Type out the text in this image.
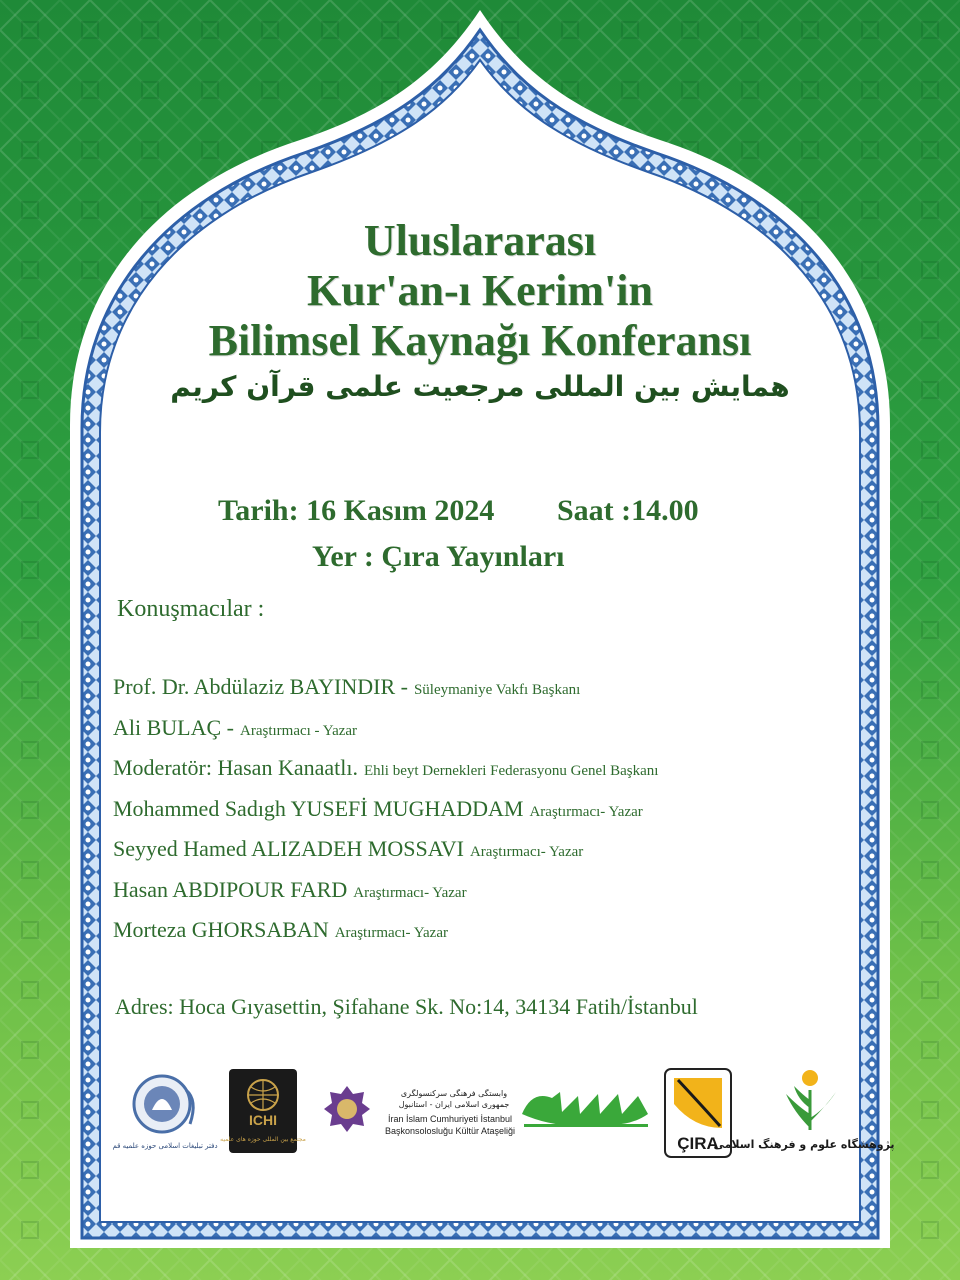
Uluslararası
Kur'an-ı Kerim'in
Bilimsel Kaynağı Konferansı
همایش بین المللی مرجعیت علمی قرآن کریم
Tarih: 16 Kasım 2024 Saat :14.00
Yer : Çıra Yayınları
Konuşmacılar :
Prof. Dr. Abdülaziz BAYINDIR - Süleymaniye Vakfı Başkanı
Ali BULAÇ - Araştırmacı - Yazar
Moderatör: Hasan Kanaatlı. Ehli beyt Dernekleri Federasyonu Genel Başkanı
Mohammed Sadıgh YUSEFİ MUGHADDAM Araştırmacı- Yazar
Seyyed Hamed ALIZADEH MOSSAVI Araştırmacı- Yazar
Hasan ABDIPOUR FARD Araştırmacı- Yazar
Morteza GHORSABAN Araştırmacı- Yazar
Adres: Hoca Gıyasettin, Şifahane Sk. No:14, 34134 Fatih/İstanbul
دفتر تبلیغات اسلامی حوزه علمیه قم
ICHI
مجتمع بین المللی حوزه های علمیه
وابستگی فرهنگی سرکنسولگری
جمهوری اسلامی ایران - استانبول
İran İslam Cumhuriyeti İstanbul
Başkonsolosluğu Kültür Ataşeliği
ÇIRA
پژوهشگاه علوم و فرهنگ اسلامی
